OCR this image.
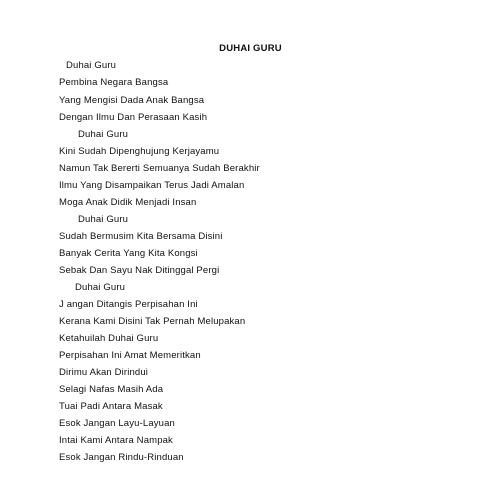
DUHAI GURU
Duhai Guru
Pembina Negara Bangsa
Yang Mengisi Dada Anak Bangsa
Dengan Ilmu Dan Perasaan Kasih
Duhai Guru
Kini Sudah Dipenghujung Kerjayamu
Namun Tak Bererti Semuanya Sudah Berakhir
Ilmu Yang Disampaikan Terus Jadi Amalan
Moga Anak Didik Menjadi Insan
Duhai Guru
Sudah Bermusim Kita Bersama Disini
Banyak Cerita Yang Kita Kongsi
Sebak Dan Sayu Nak Ditinggal Pergi
Duhai Guru
J angan Ditangis Perpisahan Ini
Kerana Kami Disini Tak Pernah Melupakan
Ketahuilah Duhai Guru
Perpisahan Ini Amat Memeritkan
Dirimu Akan Dirindui
Selagi Nafas Masih Ada
Tuai Padi Antara Masak
Esok Jangan Layu-Layuan
Intai Kami Antara Nampak
Esok Jangan Rindu-Rinduan
